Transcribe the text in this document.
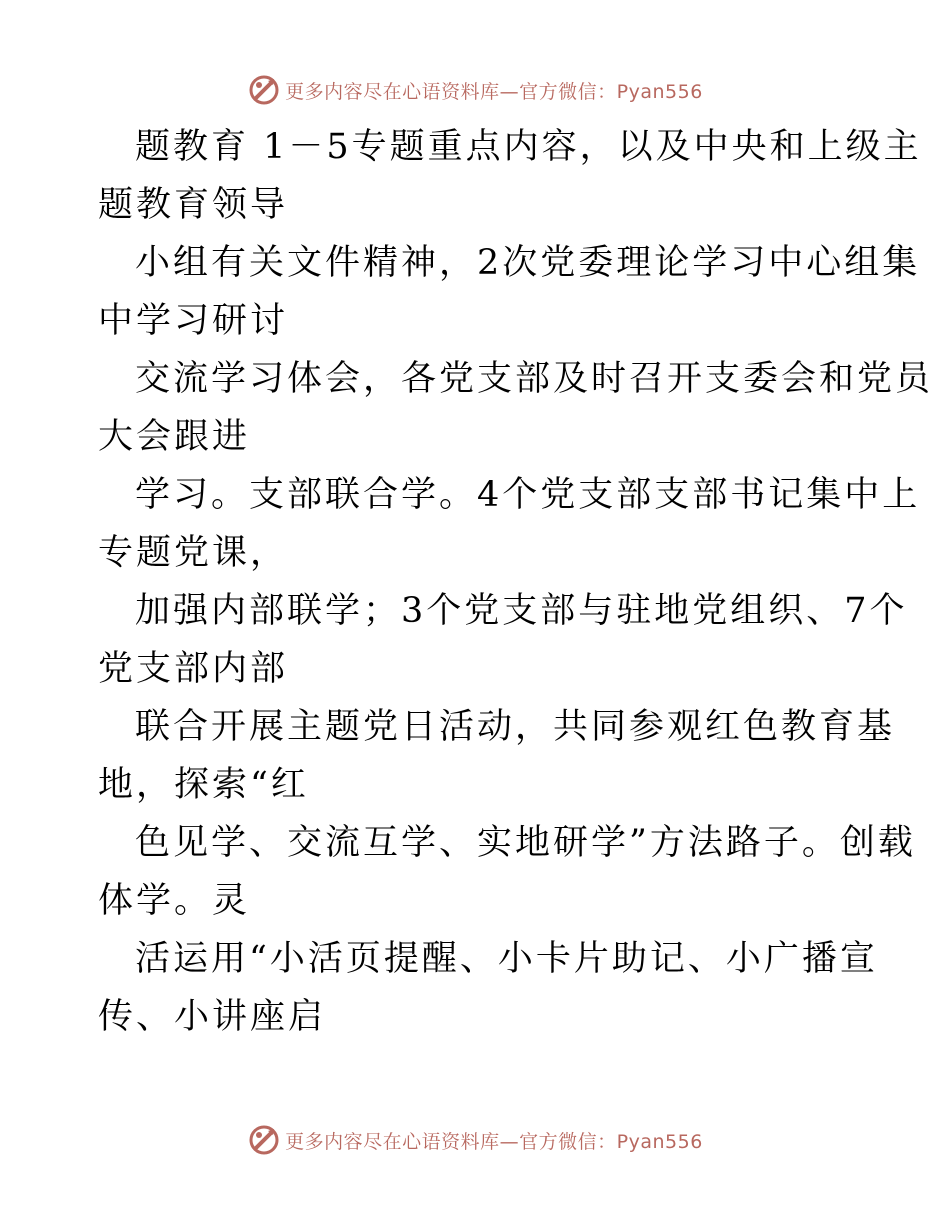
更多内容尽在心语资料库—官方微信：Pyan556
题教育 1－5专题重点内容，以及中央和上级主
题教育领导
小组有关文件精神，2次党委理论学习中心组集
中学习研讨
交流学习体会，各党支部及时召开支委会和党员
大会跟进
学习。支部联合学。4个党支部支部书记集中上
专题党课，
加强内部联学；3个党支部与驻地党组织、7个
党支部内部
联合开展主题党日活动，共同参观红色教育基
地，探索“红
色见学、交流互学、实地研学”方法路子。创载
体学。灵
活运用“小活页提醒、小卡片助记、小广播宣
传、小讲座启
更多内容尽在心语资料库—官方微信：Pyan556
